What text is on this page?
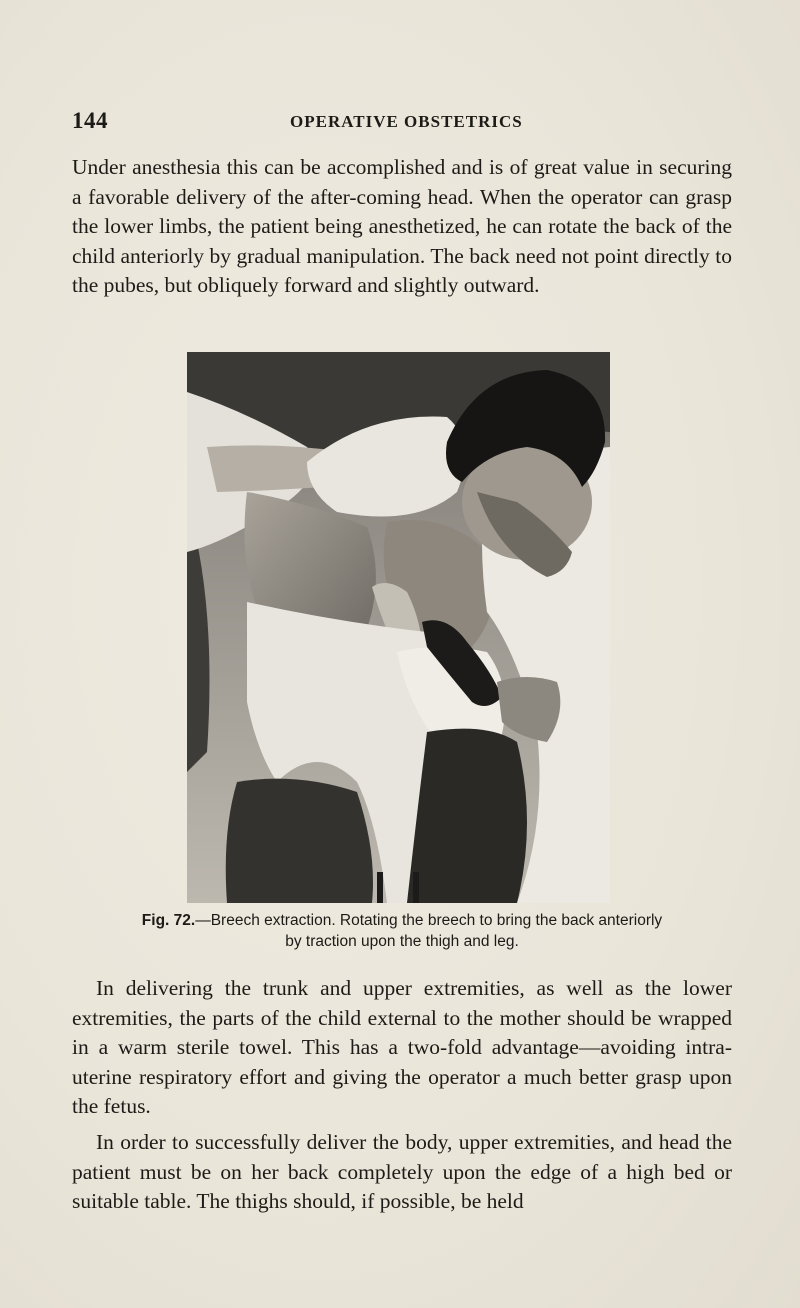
144	OPERATIVE OBSTETRICS

Under anesthesia this can be accomplished and is of great value in securing a favorable delivery of the after-coming head. When the operator can grasp the lower limbs, the patient being anesthetized, he can rotate the back of the child anteriorly by gradual manipulation. The back need not point directly to the pubes, but obliquely forward and slightly outward.

Fig. 72.—Breech extraction. Rotating the breech to bring the back anteriorly
by traction upon the thigh and leg.

In delivering the trunk and upper extremities, as well as the lower extremities, the parts of the child external to the mother should be wrapped in a warm sterile towel. This has a two-fold advantage—avoiding intra-uterine respiratory effort and giving the operator a much better grasp upon the fetus.

In order to successfully deliver the body, upper extremities, and head the patient must be on her back completely upon the edge of a high bed or suitable table. The thighs should, if possible, be held
